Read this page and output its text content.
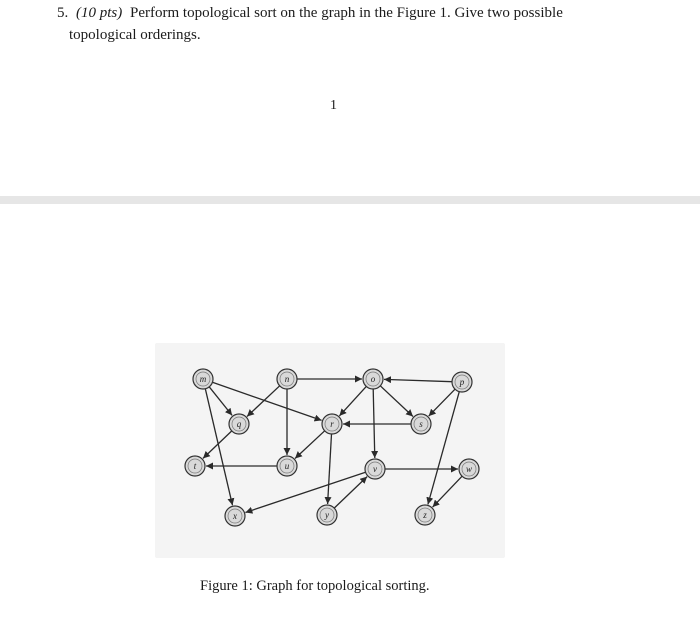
5. (10 pts) Perform topological sort on the graph in the Figure 1. Give two possible
topological orderings.
1
m	n	o	p
q	r	s
t	u	v	w
x	y	z
Figure 1: Graph for topological sorting.
